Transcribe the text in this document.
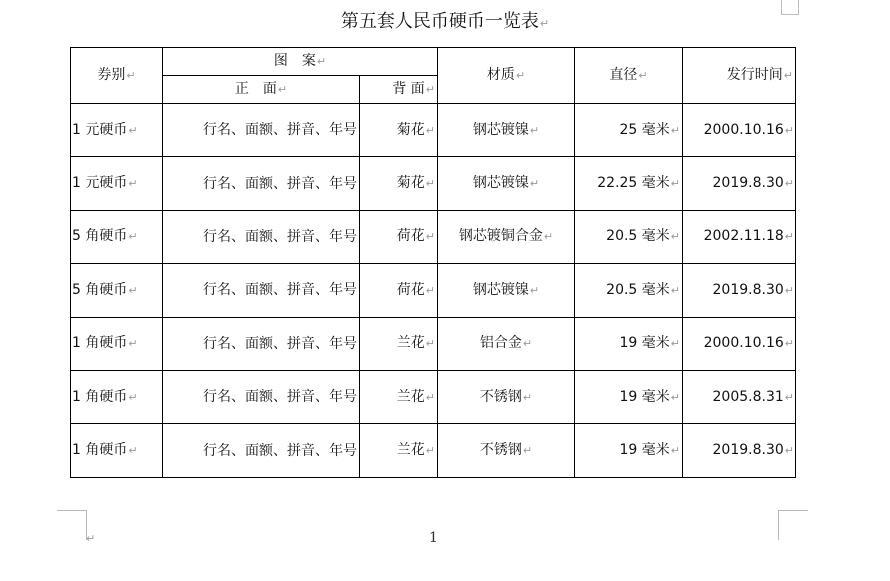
第五套人民币硬币一览表↵
券别↵	图　案↵		材质↵	直径↵	发行时间↵
	正　面↵	背 面↵			
1 元硬币↵	行名、面额、拼音、年号	菊花↵	钢芯镀镍↵	25 毫米↵	2000.10.16↵
1 元硬币↵	行名、面额、拼音、年号	菊花↵	钢芯镀镍↵	22.25 毫米↵	2019.8.30↵
5 角硬币↵	行名、面额、拼音、年号	荷花↵	钢芯镀铜合金↵	20.5 毫米↵	2002.11.18↵
5 角硬币↵	行名、面额、拼音、年号	荷花↵	钢芯镀镍↵	20.5 毫米↵	2019.8.30↵
1 角硬币↵	行名、面额、拼音、年号	兰花↵	铝合金↵	19 毫米↵	2000.10.16↵
1 角硬币↵	行名、面额、拼音、年号	兰花↵	不锈钢↵	19 毫米↵	2005.8.31↵
1 角硬币↵	行名、面额、拼音、年号	兰花↵	不锈钢↵	19 毫米↵	2019.8.30↵
↵	1
